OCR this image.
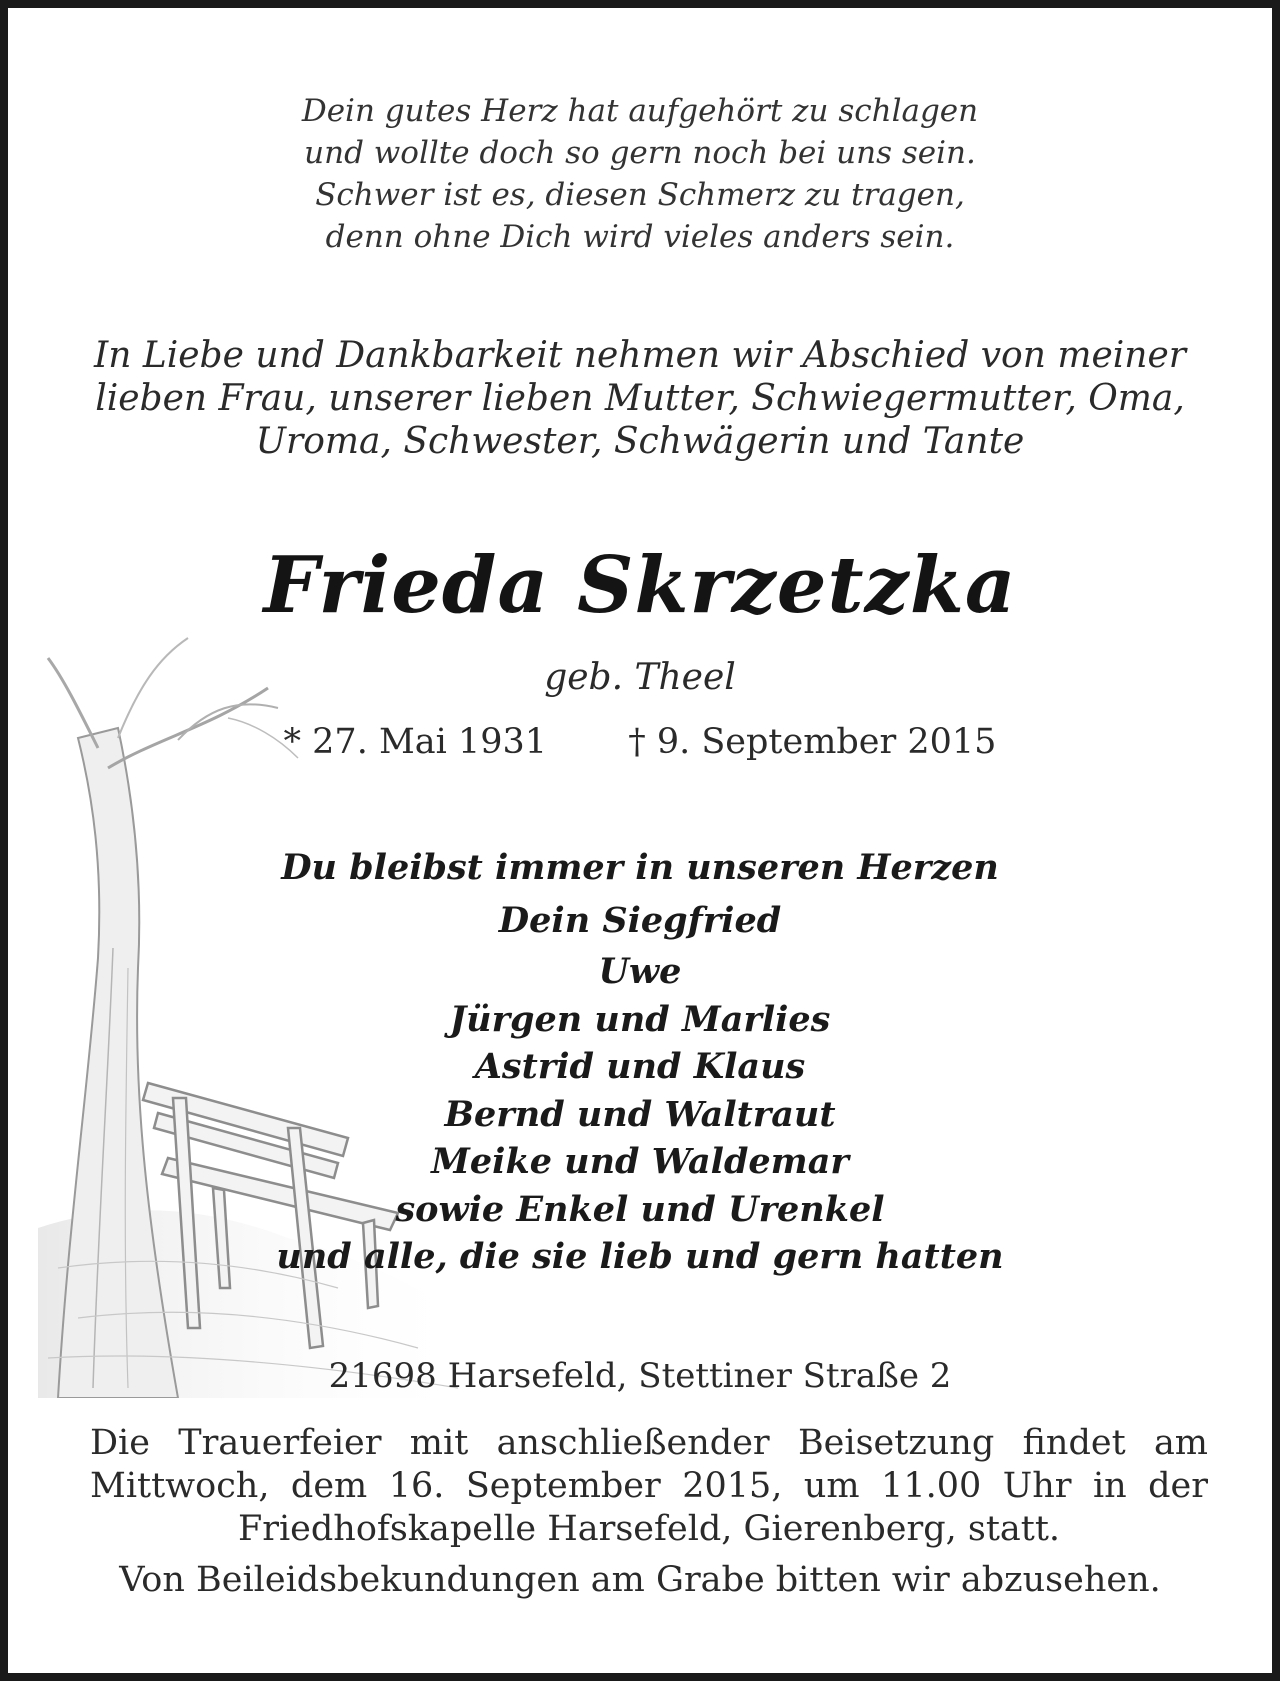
Dein gutes Herz hat aufgehört zu schlagen
und wollte doch so gern noch bei uns sein.
Schwer ist es, diesen Schmerz zu tragen,
denn ohne Dich wird vieles anders sein.
In Liebe und Dankbarkeit nehmen wir Abschied von meiner
lieben Frau, unserer lieben Mutter, Schwiegermutter, Oma,
Uroma, Schwester, Schwägerin und Tante
Frieda Skrzetzka
geb. Theel
* 27. Mai 1931 † 9. September 2015
Du bleibst immer in unseren Herzen
Dein Siegfried
Uwe
Jürgen und Marlies
Astrid und Klaus
Bernd und Waltraut
Meike und Waldemar
sowie Enkel und Urenkel
und alle, die sie lieb und gern hatten
21698 Harsefeld, Stettiner Straße 2
Die Trauerfeier mit anschließender Beisetzung findet am Mittwoch, dem 16. September 2015, um 11.00 Uhr in der Friedhofskapelle Harsefeld, Gierenberg, statt.
Von Beileidsbekundungen am Grabe bitten wir abzusehen.
